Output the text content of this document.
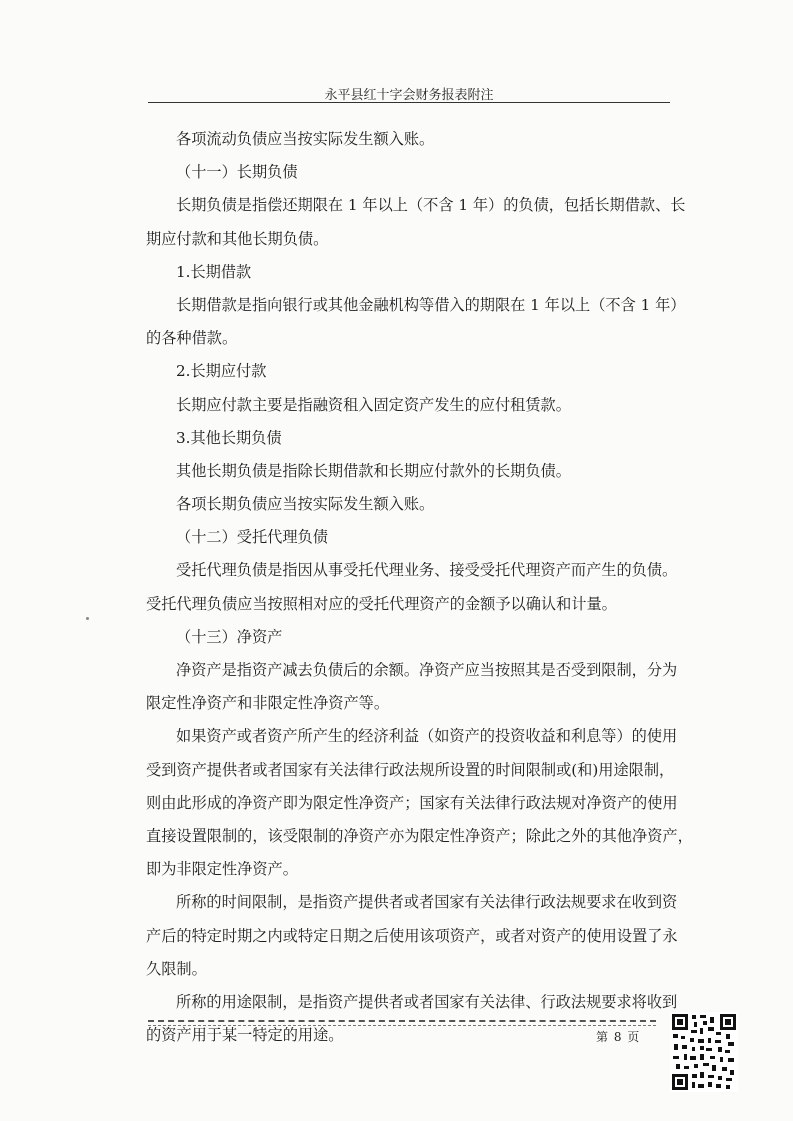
永平县红十字会财务报表附注
各项流动负债应当按实际发生额入账。
（十一）长期负债
长期负债是指偿还期限在 1 年以上（不含 1 年）的负债，包括长期借款、长
期应付款和其他长期负债。
1.长期借款
长期借款是指向银行或其他金融机构等借入的期限在 1 年以上（不含 1 年）
的各种借款。
2.长期应付款
长期应付款主要是指融资租入固定资产发生的应付租赁款。
3.其他长期负债
其他长期负债是指除长期借款和长期应付款外的长期负债。
各项长期负债应当按实际发生额入账。
（十二）受托代理负债
受托代理负债是指因从事受托代理业务、接受受托代理资产而产生的负债。
受托代理负债应当按照相对应的受托代理资产的金额予以确认和计量。
（十三）净资产
净资产是指资产减去负债后的余额。净资产应当按照其是否受到限制，分为
限定性净资产和非限定性净资产等。
如果资产或者资产所产生的经济利益（如资产的投资收益和利息等）的使用
受到资产提供者或者国家有关法律行政法规所设置的时间限制或(和)用途限制，
则由此形成的净资产即为限定性净资产；国家有关法律行政法规对净资产的使用
直接设置限制的，该受限制的净资产亦为限定性净资产；除此之外的其他净资产，
即为非限定性净资产。
所称的时间限制，是指资产提供者或者国家有关法律行政法规要求在收到资
产后的特定时期之内或特定日期之后使用该项资产，或者对资产的使用设置了永
久限制。
所称的用途限制，是指资产提供者或者国家有关法律、行政法规要求将收到
的资产用于某一特定的用途。	第 8 页
